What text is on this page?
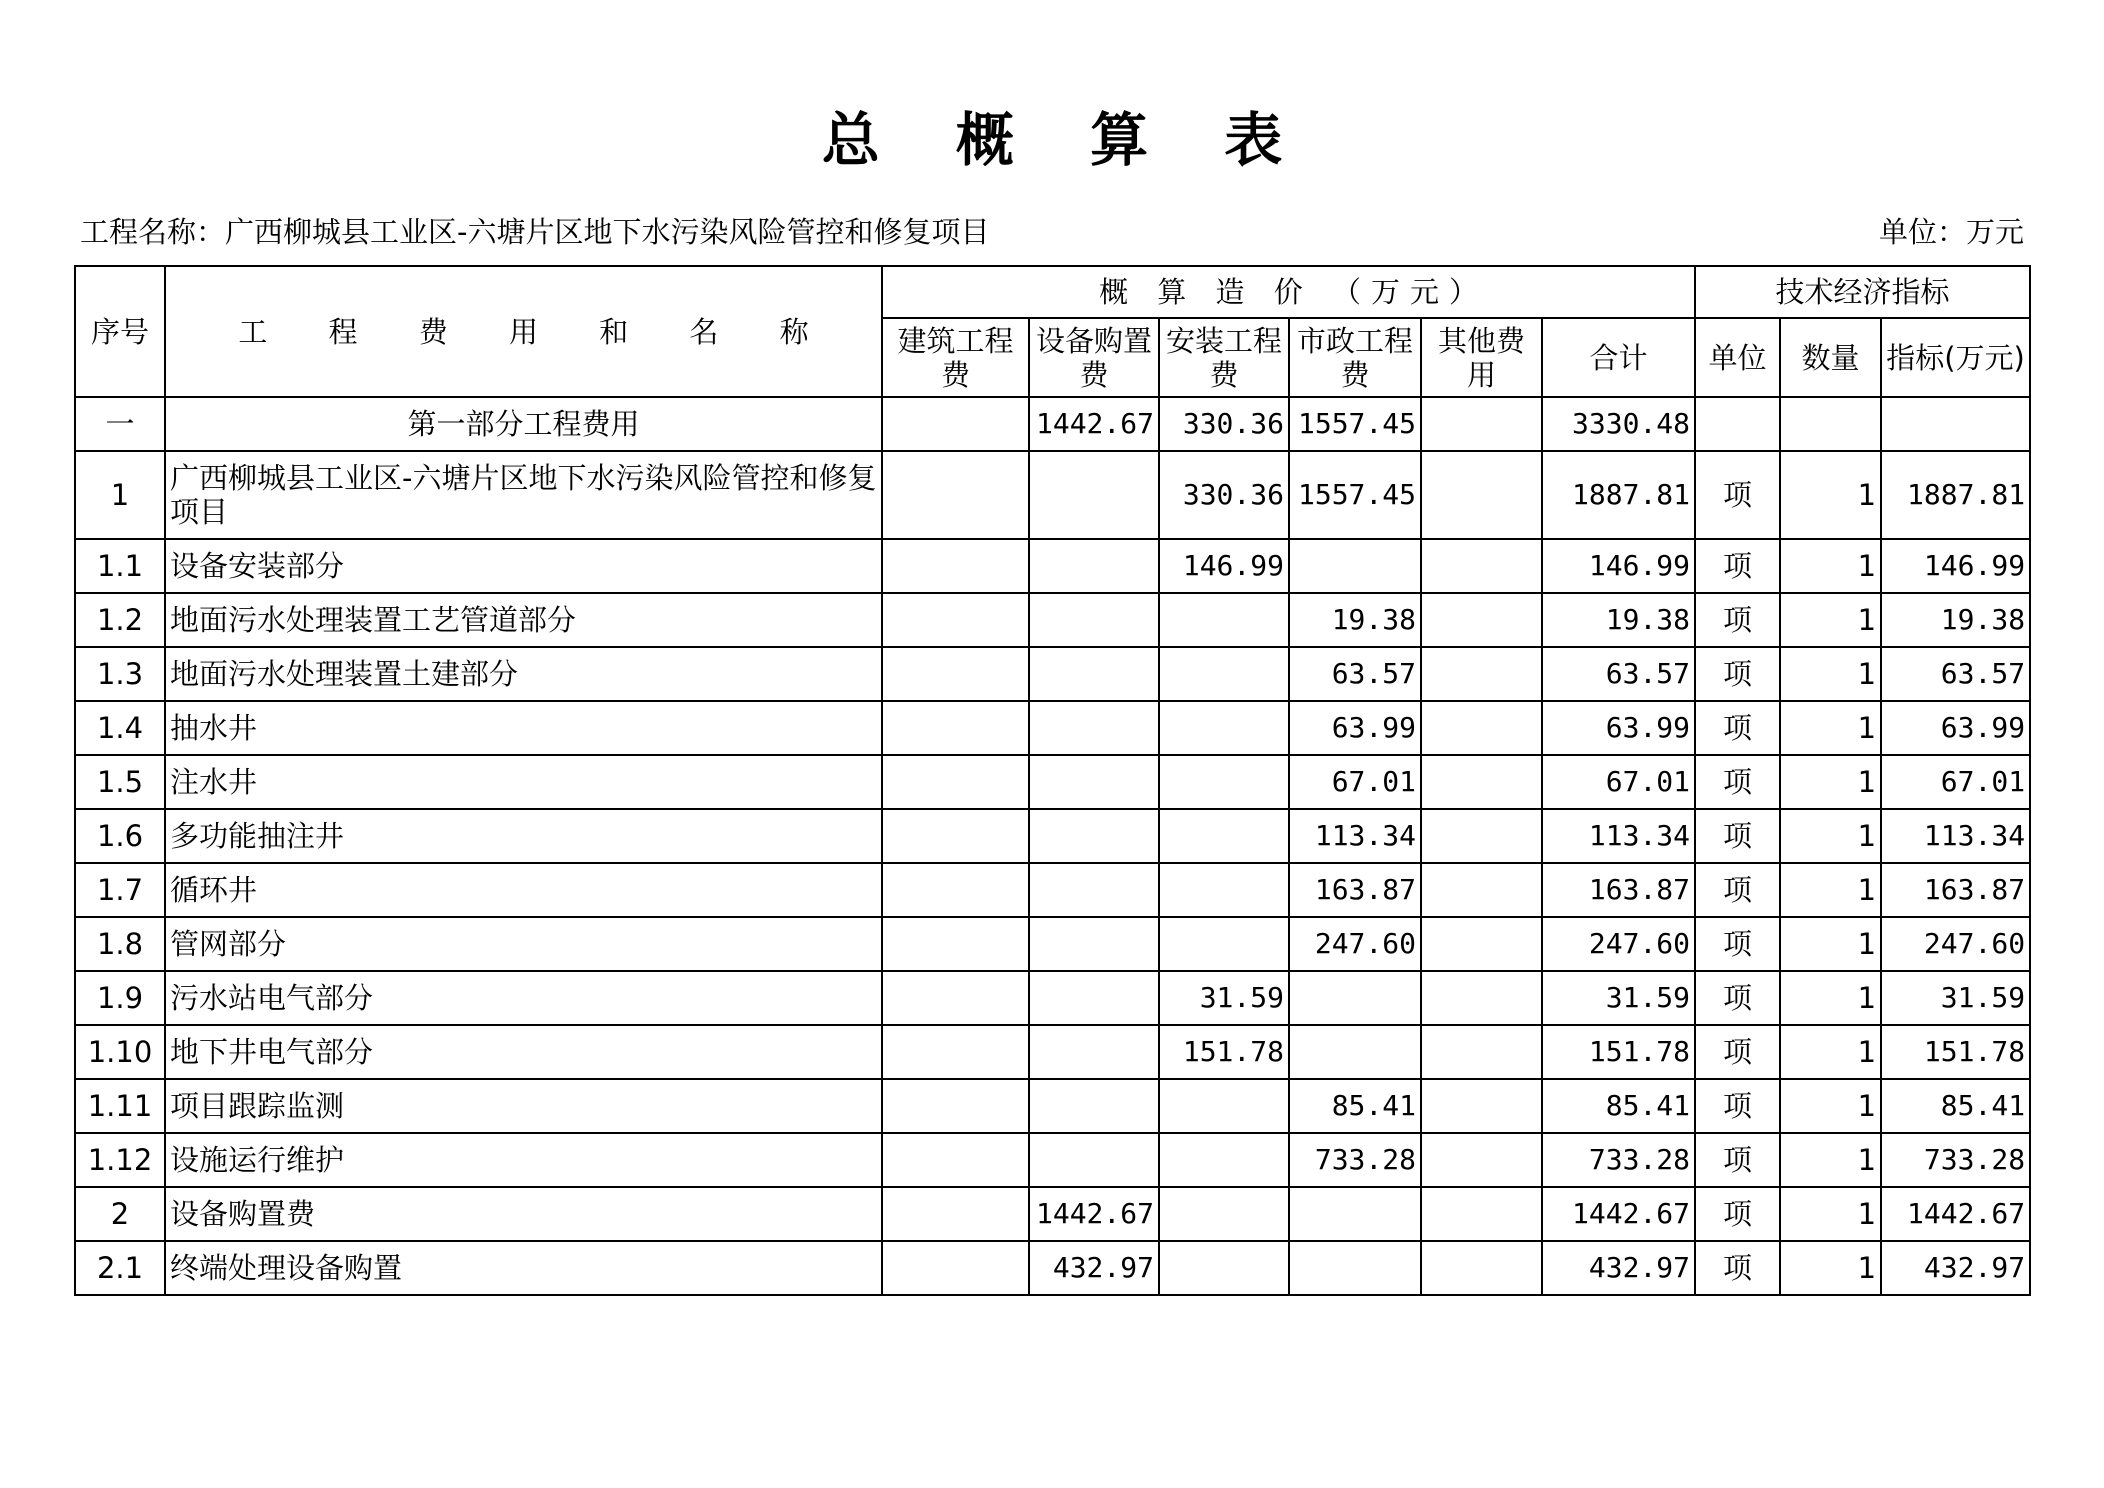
总 概 算 表
工程名称：广西柳城县工业区-六塘片区地下水污染风险管控和修复项目	单位：万元
序号	工 程 费 用 和 名 称	概 算 造 价 （万元）						技术经济指标		
		建筑工程费	设备购置费	安装工程费	市政工程费	其他费用	合计	单位	数量	指标(万元)
一	第一部分工程费用		1442.67	330.36	1557.45		3330.48			
1	广西柳城县工业区-六塘片区地下水污染风险管控和修复项目			330.36	1557.45		1887.81	项	1	1887.81
1.1	设备安装部分			146.99			146.99	项	1	146.99
1.2	地面污水处理装置工艺管道部分				19.38		19.38	项	1	19.38
1.3	地面污水处理装置土建部分				63.57		63.57	项	1	63.57
1.4	抽水井				63.99		63.99	项	1	63.99
1.5	注水井				67.01		67.01	项	1	67.01
1.6	多功能抽注井				113.34		113.34	项	1	113.34
1.7	循环井				163.87		163.87	项	1	163.87
1.8	管网部分				247.60		247.60	项	1	247.60
1.9	污水站电气部分			31.59			31.59	项	1	31.59
1.10	地下井电气部分			151.78			151.78	项	1	151.78
1.11	项目跟踪监测				85.41		85.41	项	1	85.41
1.12	设施运行维护				733.28		733.28	项	1	733.28
2	设备购置费		1442.67				1442.67	项	1	1442.67
2.1	终端处理设备购置		432.97				432.97	项	1	432.97
